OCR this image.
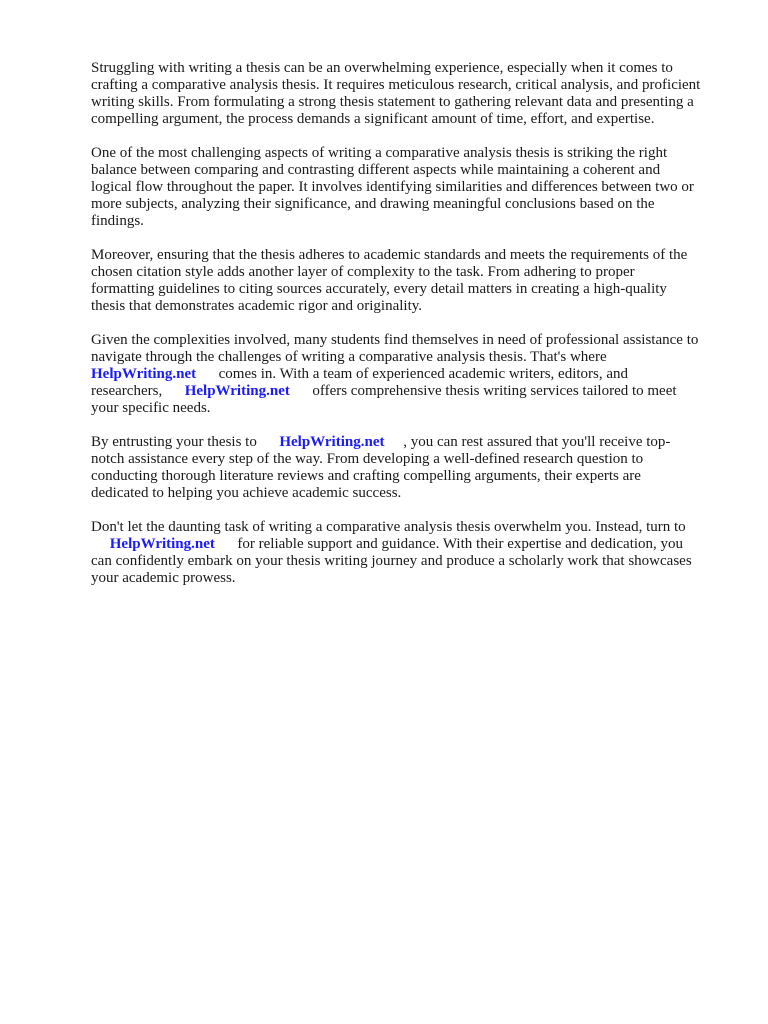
Struggling with writing a thesis can be an overwhelming experience, especially when it comes to
crafting a comparative analysis thesis. It requires meticulous research, critical analysis, and proficient
writing skills. From formulating a strong thesis statement to gathering relevant data and presenting a
compelling argument, the process demands a significant amount of time, effort, and expertise.

One of the most challenging aspects of writing a comparative analysis thesis is striking the right
balance between comparing and contrasting different aspects while maintaining a coherent and
logical flow throughout the paper. It involves identifying similarities and differences between two or
more subjects, analyzing their significance, and drawing meaningful conclusions based on the
findings.

Moreover, ensuring that the thesis adheres to academic standards and meets the requirements of the
chosen citation style adds another layer of complexity to the task. From adhering to proper
formatting guidelines to citing sources accurately, every detail matters in creating a high-quality
thesis that demonstrates academic rigor and originality.

Given the complexities involved, many students find themselves in need of professional assistance to
navigate through the challenges of writing a comparative analysis thesis. That's where
HelpWriting.net      comes in. With a team of experienced academic writers, editors, and
researchers,      HelpWriting.net      offers comprehensive thesis writing services tailored to meet
your specific needs.

By entrusting your thesis to      HelpWriting.net     , you can rest assured that you'll receive top-
notch assistance every step of the way. From developing a well-defined research question to
conducting thorough literature reviews and crafting compelling arguments, their experts are
dedicated to helping you achieve academic success.

Don't let the daunting task of writing a comparative analysis thesis overwhelm you. Instead, turn to
HelpWriting.net      for reliable support and guidance. With their expertise and dedication, you
can confidently embark on your thesis writing journey and produce a scholarly work that showcases
your academic prowess.
